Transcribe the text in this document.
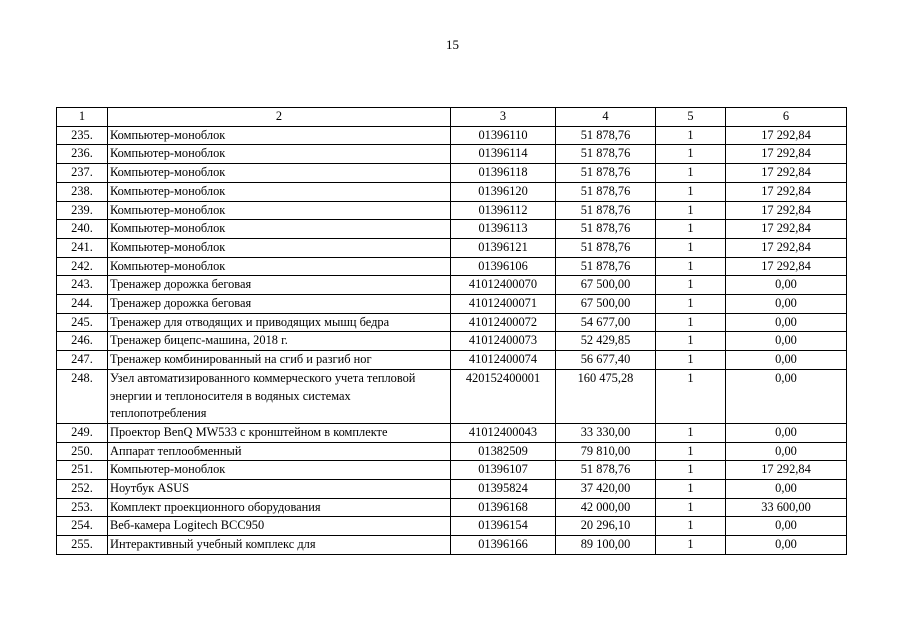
15
1	2	3	4	5	6
235.	Компьютер-моноблок	01396110	51 878,76	1	17 292,84
236.	Компьютер-моноблок	01396114	51 878,76	1	17 292,84
237.	Компьютер-моноблок	01396118	51 878,76	1	17 292,84
238.	Компьютер-моноблок	01396120	51 878,76	1	17 292,84
239.	Компьютер-моноблок	01396112	51 878,76	1	17 292,84
240.	Компьютер-моноблок	01396113	51 878,76	1	17 292,84
241.	Компьютер-моноблок	01396121	51 878,76	1	17 292,84
242.	Компьютер-моноблок	01396106	51 878,76	1	17 292,84
243.	Тренажер дорожка беговая	41012400070	67 500,00	1	0,00
244.	Тренажер дорожка беговая	41012400071	67 500,00	1	0,00
245.	Тренажер для отводящих и приводящих мышц бедра	41012400072	54 677,00	1	0,00
246.	Тренажер бицепс-машина, 2018 г.	41012400073	52 429,85	1	0,00
247.	Тренажер комбинированный на сгиб и разгиб ног	41012400074	56 677,40	1	0,00
248.	Узел автоматизированного коммерческого учета тепловой энергии и теплоносителя в водяных системах теплопотребления	420152400001	160 475,28	1	0,00
249.	Проектор BenQ MW533 с кронштейном в комплекте	41012400043	33 330,00	1	0,00
250.	Аппарат теплообменный	01382509	79 810,00	1	0,00
251.	Компьютер-моноблок	01396107	51 878,76	1	17 292,84
252.	Ноутбук ASUS	01395824	37 420,00	1	0,00
253.	Комплект проекционного оборудования	01396168	42 000,00	1	33 600,00
254.	Веб-камера Logitech BCC950	01396154	20 296,10	1	0,00
255.	Интерактивный учебный комплекс для	01396166	89 100,00	1	0,00
